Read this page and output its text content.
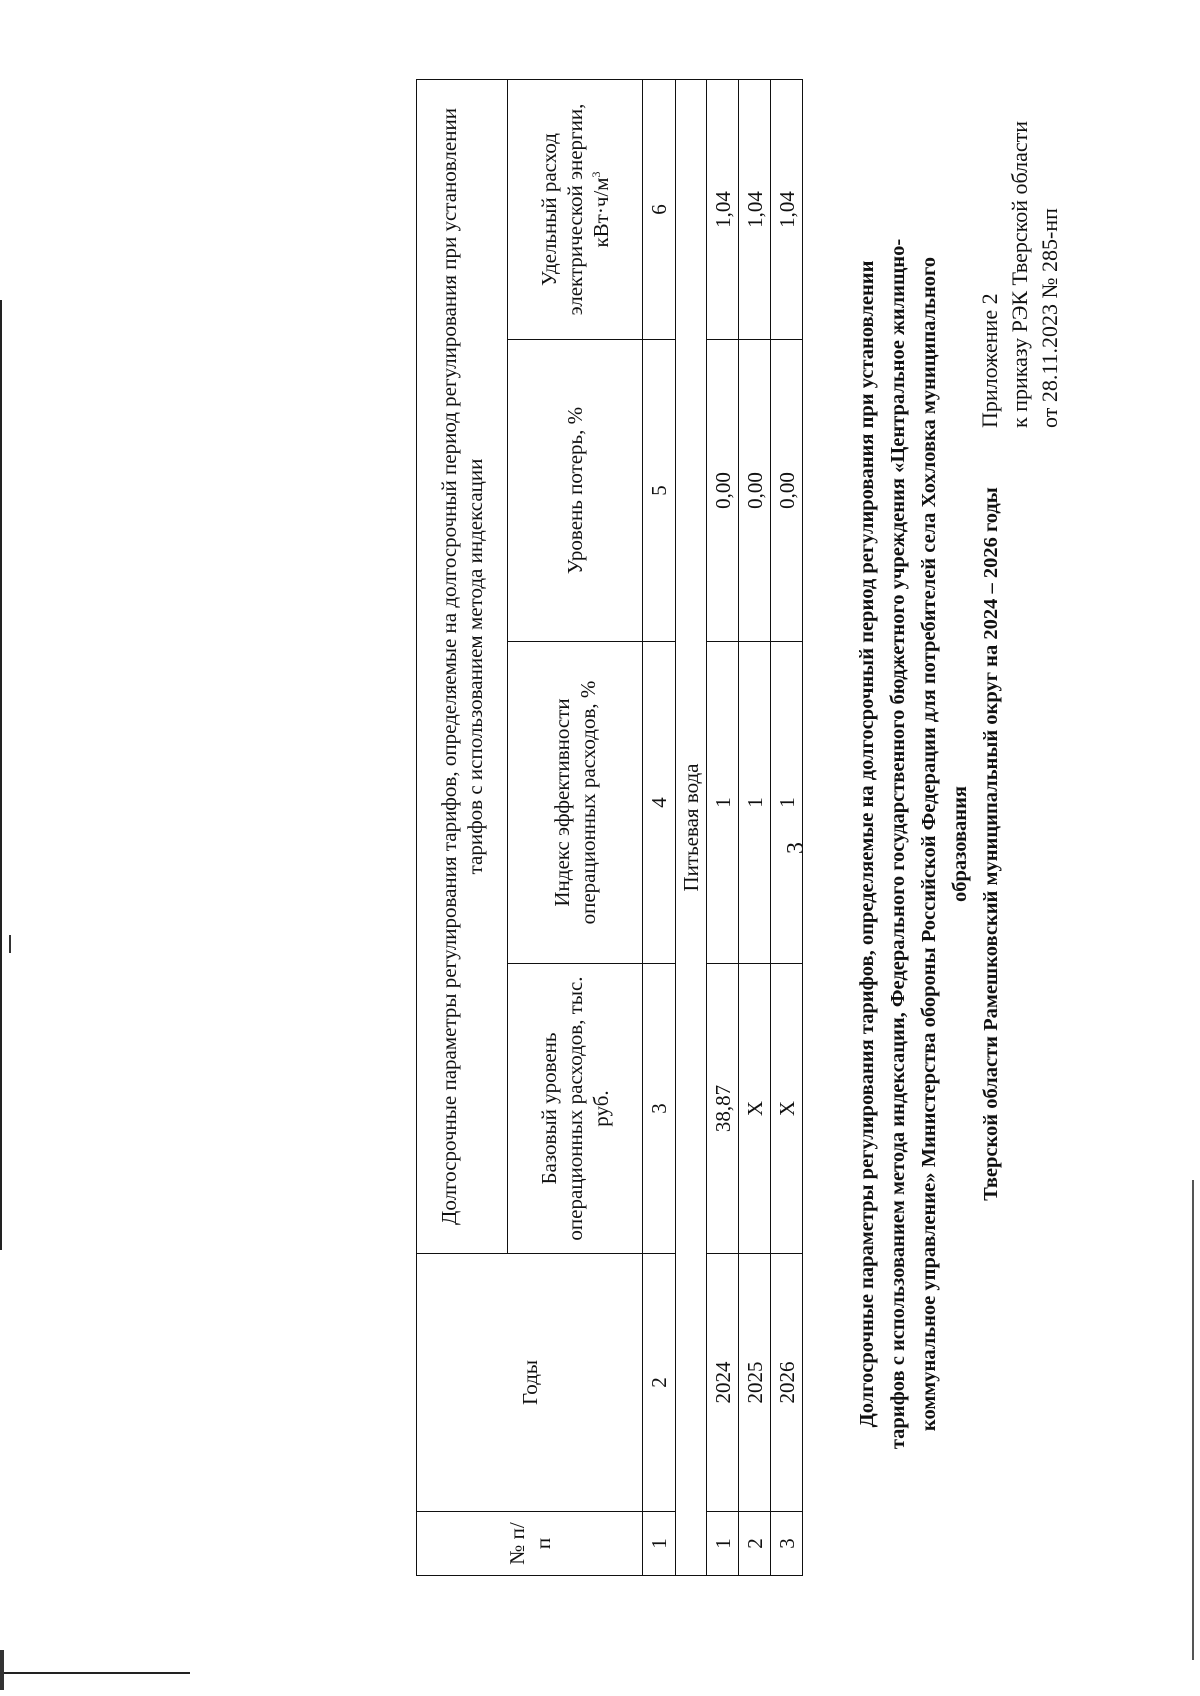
3
Приложение 2 к приказу РЭК Тверской области от 28.11.2023 № 285-нп
Долгосрочные параметры регулирования тарифов, определяемые на долгосрочный период регулирования при установлении тарифов с использованием метода индексации, Федерального государственного бюджетного учреждения «Центральное жилищно- коммунальное управление» Министерства обороны Российской Федерации для потребителей села Хохловка муниципального образования Тверской области Рамешковский муниципальный округ на 2024 – 2026 годы
№ п/п	Годы	Долгосрочные параметры регулирования тарифов, определяемые на долгосрочный период регулирования при установлении тарифов с использованием метода индексации			
		Базовый уровень операционных расходов, тыс. руб.	Индекс эффективности операционных расходов, %	Уровень потерь, %	Удельный расход электрической энергии, $кВт\cdot ч/м^3$
1	2	3	4	5	6
Питьевая вода					
1	2024	38,87	1	0,00	1,04
2	2025	X	1	0,00	1,04
3	2026	X	1	0,00	1,04
